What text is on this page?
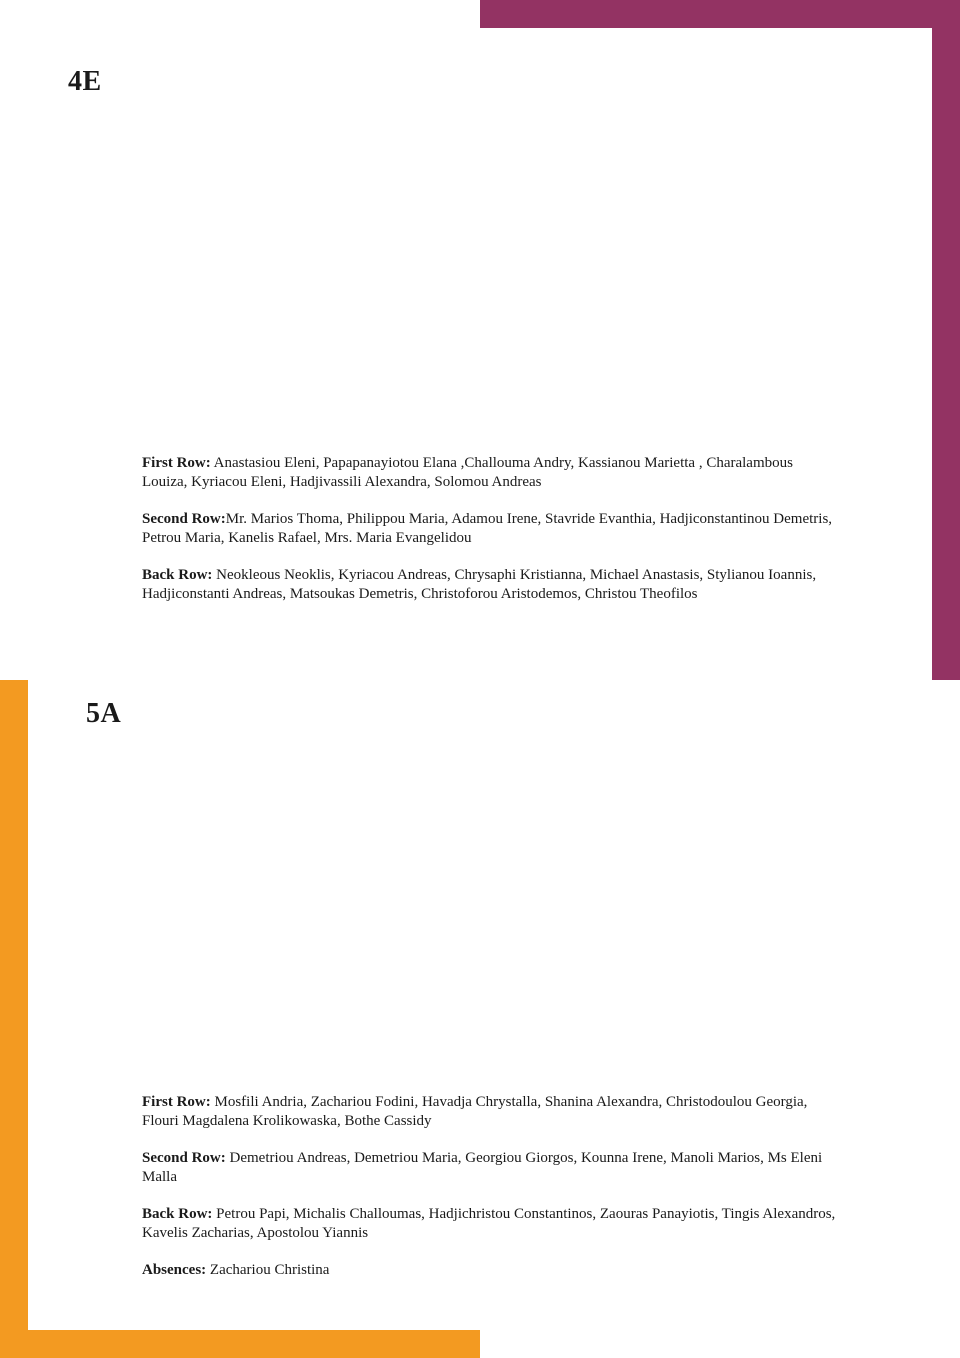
4E

First Row: Anastasiou Eleni, Papapanayiotou Elana ,Challouma Andry, Kassianou Marietta , Charalambous Louiza, Kyriacou Eleni, Hadjivassili Alexandra, Solomou Andreas

Second Row:Mr. Marios Thoma, Philippou Maria, Adamou Irene, Stavride Evanthia, Hadjiconstantinou Demetris, Petrou Maria, Kanelis Rafael, Mrs. Maria Evangelidou

Back Row: Neokleous Neoklis, Kyriacou Andreas, Chrysaphi Kristianna, Michael Anastasis, Stylianou Ioannis, Hadjiconstanti Andreas, Matsoukas Demetris, Christoforou Aristodemos, Christou Theofilos

5A

First Row: Mosfili Andria, Zachariou Fodini, Havadja Chrystalla, Shanina Alexandra, Christodoulou Georgia, Flouri Magdalena Krolikowaska, Bothe Cassidy

Second Row: Demetriou Andreas, Demetriou Maria, Georgiou Giorgos, Kounna Irene, Manoli Marios, Ms Eleni Malla

Back Row: Petrou Papi, Michalis Challoumas, Hadjichristou Constantinos, Zaouras Panayiotis, Tingis Alexandros, Kavelis Zacharias, Apostolou Yiannis

Absences: Zachariou Christina
